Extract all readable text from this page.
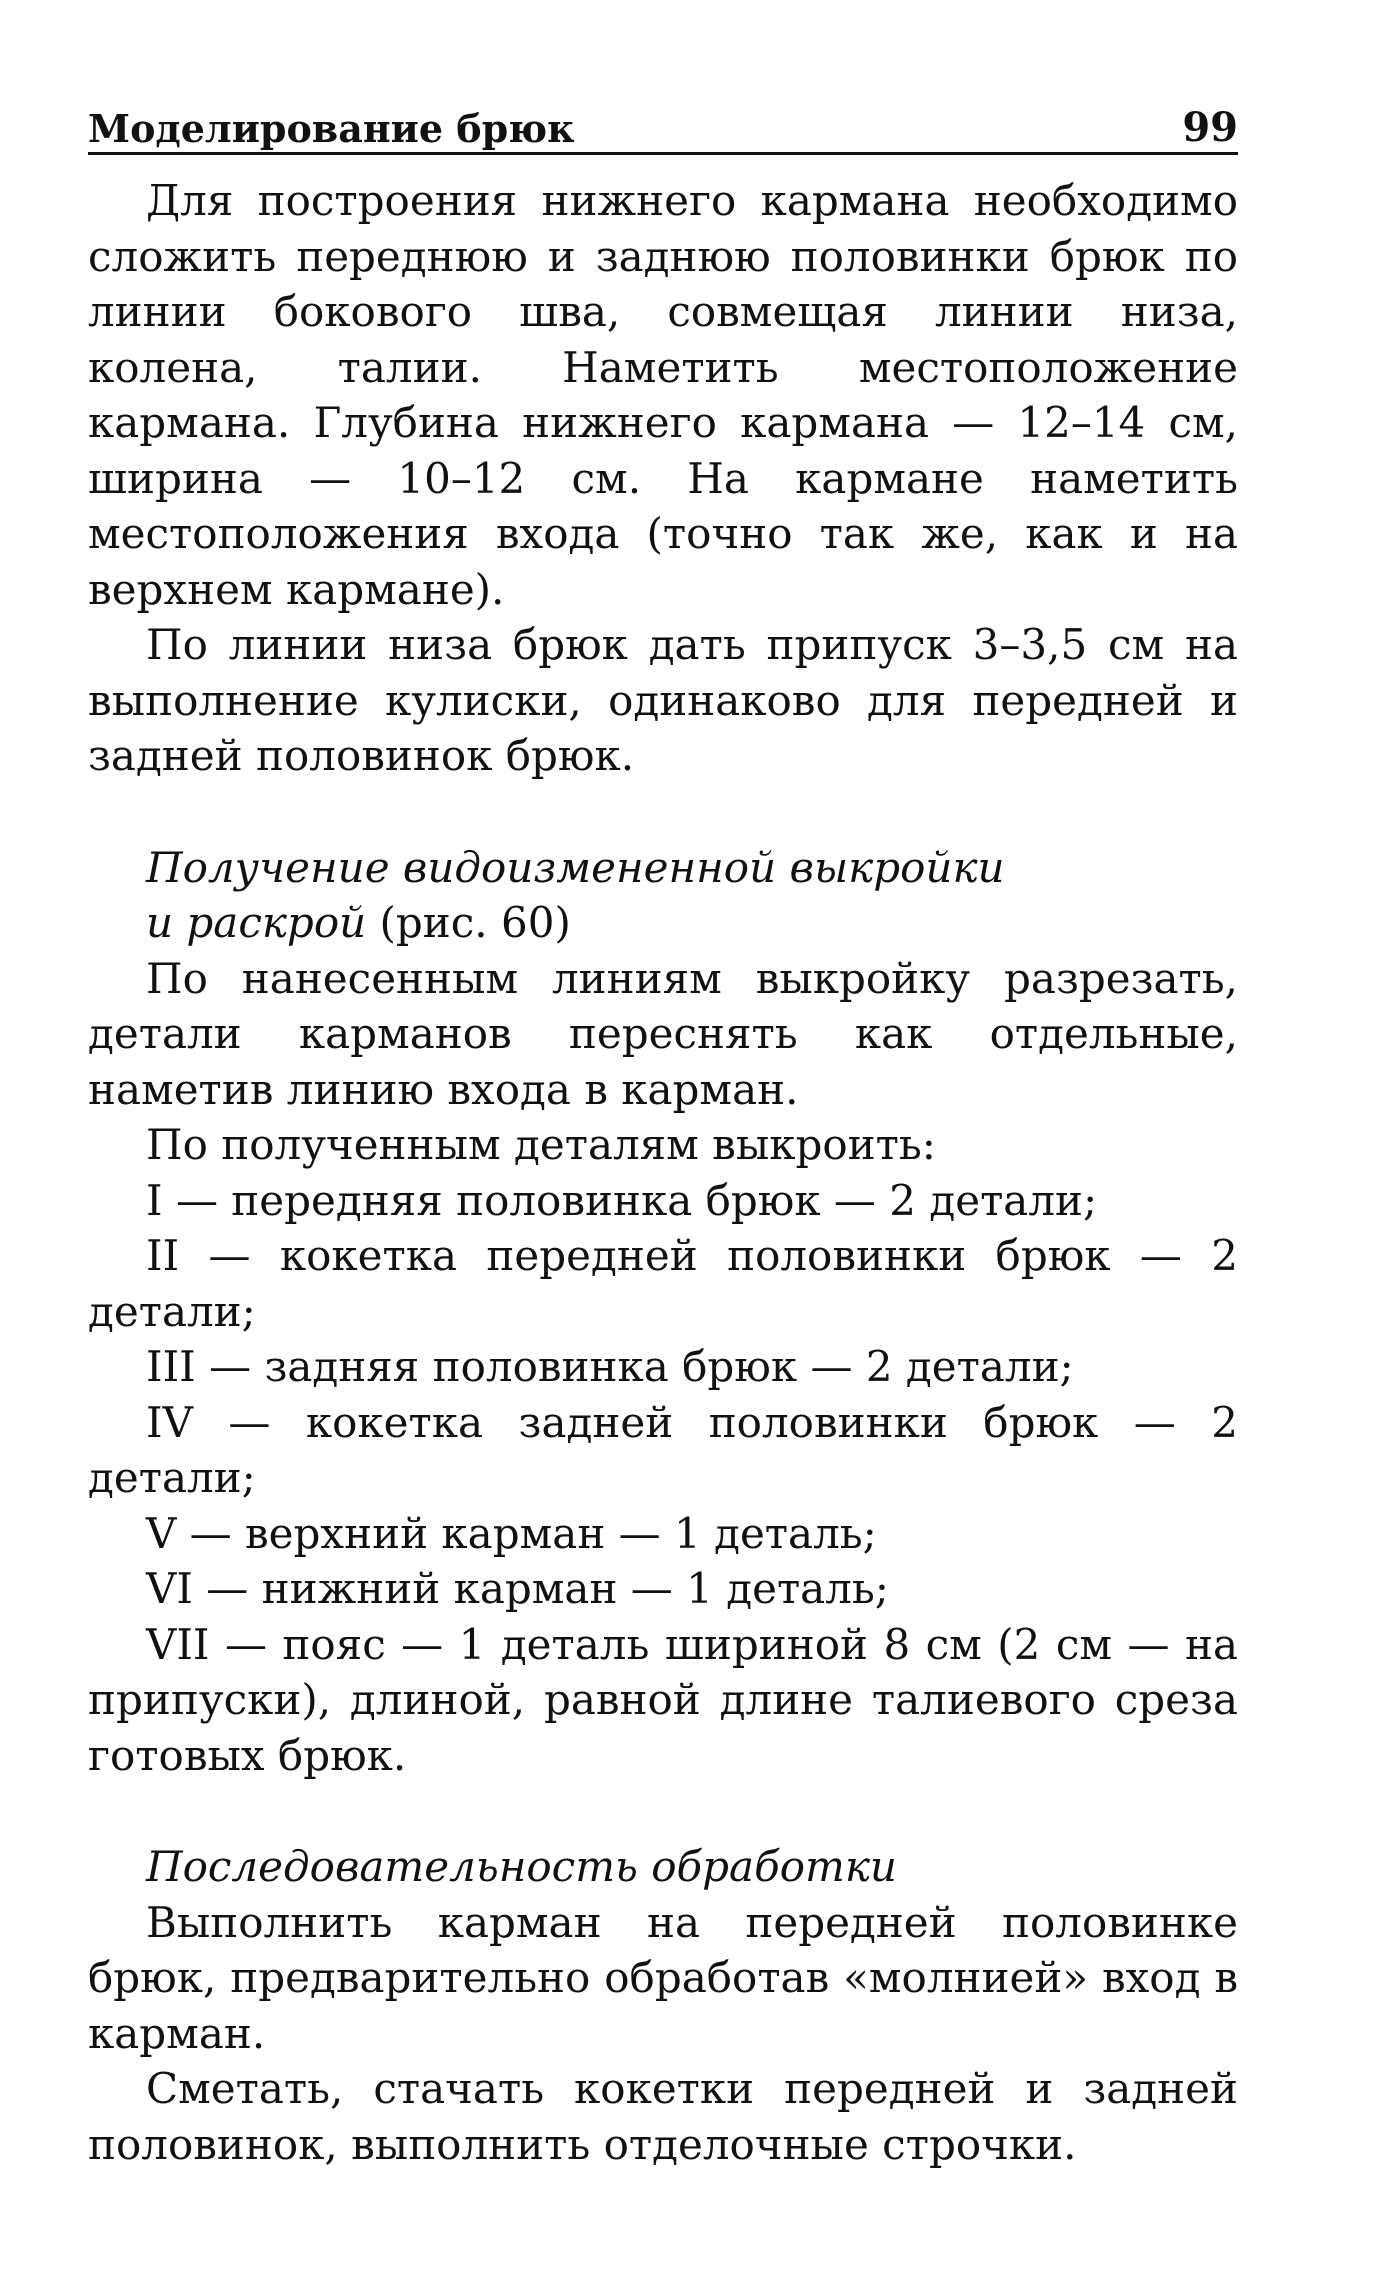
Моделирование брюк	99

Для построения нижнего кармана необходимо сложить переднюю и заднюю половинки брюк по линии бокового шва, совмещая линии низа, колена, талии. Наметить местоположение кармана. Глубина нижнего кармана — 12–14 см, ширина — 10–12 см. На кармане наметить местоположения входа (точно так же, как и на верхнем кармане).

По линии низа брюк дать припуск 3–3,5 см на выполнение кулиски, одинаково для передней и задней половинок брюк.

Получение видоизмененной выкройки
и раскрой (рис. 60)

По нанесенным линиям выкройку разрезать, детали карманов переснять как отдельные, наметив линию входа в карман.

По полученным деталям выкроить:

I — передняя половинка брюк — 2 детали;

II — кокетка передней половинки брюк — 2 детали;

III — задняя половинка брюк — 2 детали;

IV — кокетка задней половинки брюк — 2 детали;

V — верхний карман — 1 деталь;

VI — нижний карман — 1 деталь;

VII — пояс — 1 деталь шириной 8 см (2 см — на припуски), длиной, равной длине талиевого среза готовых брюк.

Последовательность обработки

Выполнить карман на передней половинке брюк, предварительно обработав «молнией» вход в карман.

Сметать, стачать кокетки передней и задней половинок, выполнить отделочные строчки.
